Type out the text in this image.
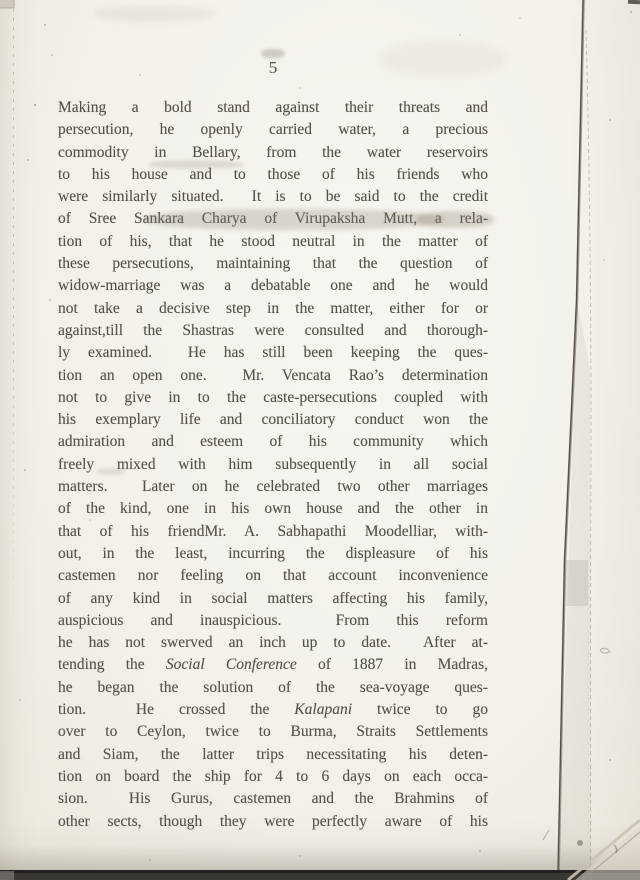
5
Making a bold stand against their threats and
persecution, he openly carried water, a precious
commodity in Bellary, from the water reservoirs
to his house and to those of his friends who
were similarly situated.  It is to be said to the credit
of Sree Sankara Charya of Virupaksha Mutt, a rela-
tion of his, that he stood neutral in the matter of
these persecutions, maintaining that the question of
widow-marriage was a debatable one and he would
not take a decisive step in the matter, either for or
against,till the Shastras were consulted and thorough-
ly examined.  He has still been keeping the ques-
tion an open one.  Mr. Vencata Rao’s determination
not to give in to the caste-persecutions coupled with
his exemplary life and conciliatory conduct won the
admiration and esteem of his community which
freely mixed with him subsequently in all social
matters.  Later on he celebrated two other marriages
of the kind, one in his own house and the other in
that of his friendMr. A. Sabhapathi Moodelliar, with-
out, in the least, incurring the displeasure of his
castemen nor feeling on that account inconvenience
of any kind in social matters affecting his family,
auspicious and inauspicious.  From this reform
he has not swerved an inch up to date.  After at-
tending the Social Conference of 1887 in Madras,
he began the solution of the sea-voyage ques-
tion.  He crossed the Kalapani twice to go
over to Ceylon, twice to Burma, Straits Settlements
and Siam, the latter trips necessitating his deten-
tion on board the ship for 4 to 6 days on each occa-
sion.  His Gurus, castemen and the Brahmins of
other sects, though they were perfectly aware of his
